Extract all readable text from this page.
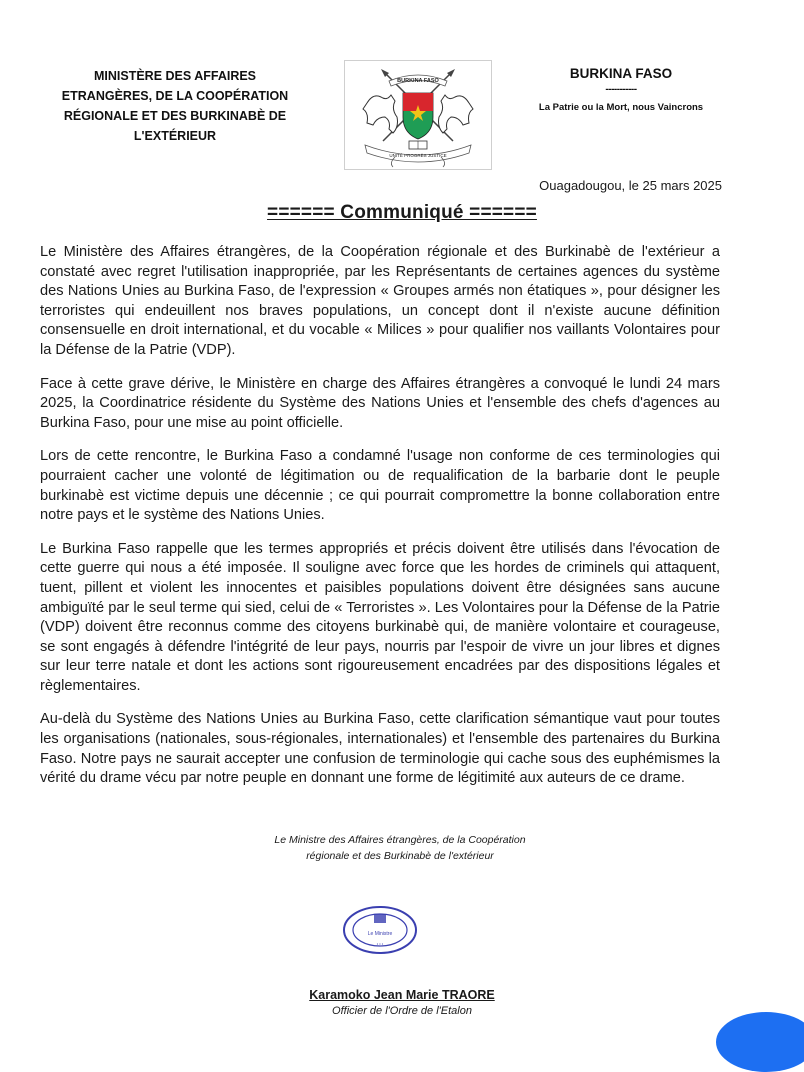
MINISTÈRE DES AFFAIRES
ETRANGÈRES, DE LA COOPÉRATION
RÉGIONALE ET DES BURKINABÈ DE
L'EXTÉRIEUR
BURKINA FASO
UNITÉ PROGRÈS JUSTICE
BURKINA FASO
-----------
La Patrie ou la Mort, nous Vaincrons
Ouagadougou, le 25 mars 2025
====== Communiqué ======

Le Ministère des Affaires étrangères, de la Coopération régionale et des Burkinabè de l'extérieur a constaté avec regret l'utilisation inappropriée, par les Représentants de certaines agences du système des Nations Unies au Burkina Faso, de l'expression « Groupes armés non étatiques », pour désigner les terroristes qui endeuillent nos braves populations, un concept dont il n'existe aucune définition consensuelle en droit international, et du vocable « Milices » pour qualifier nos vaillants Volontaires pour la Défense de la Patrie (VDP).

Face à cette grave dérive, le Ministère en charge des Affaires étrangères a convoqué le lundi 24 mars 2025, la Coordinatrice résidente du Système des Nations Unies et l'ensemble des chefs d'agences au Burkina Faso, pour une mise au point officielle.

Lors de cette rencontre, le Burkina Faso a condamné l'usage non conforme de ces terminologies qui pourraient cacher une volonté de légitimation ou de requalification de la barbarie dont le peuple burkinabè est victime depuis une décennie ; ce qui pourrait compromettre la bonne collaboration entre notre pays et le système des Nations Unies.

Le Burkina Faso rappelle que les termes appropriés et précis doivent être utilisés dans l'évocation de cette guerre qui nous a été imposée. Il souligne avec force que les hordes de criminels qui attaquent, tuent, pillent et violent les innocentes et paisibles populations doivent être désignées sans aucune ambiguïté par le seul terme qui sied, celui de « Terroristes ». Les Volontaires pour la Défense de la Patrie (VDP) doivent être reconnus comme des citoyens burkinabè qui, de manière volontaire et courageuse, se sont engagés à défendre l'intégrité de leur pays, nourris par l'espoir de vivre un jour libres et dignes sur leur terre natale et dont les actions sont rigoureusement encadrées par des dispositions légales et règlementaires.

Au-delà du Système des Nations Unies au Burkina Faso, cette clarification sémantique vaut pour toutes les organisations (nationales, sous-régionales, internationales) et l'ensemble des partenaires du Burkina Faso. Notre pays ne saurait accepter une confusion de terminologie qui cache sous des euphémismes la vérité du drame vécu par notre peuple en donnant une forme de légitimité aux auteurs de ce drame.

Le Ministre des Affaires étrangères, de la Coopération
régionale et des Burkinabè de l'extérieur
Le Ministre
• • •
Karamoko Jean Marie TRAORE
Officier de l'Ordre de l'Etalon
